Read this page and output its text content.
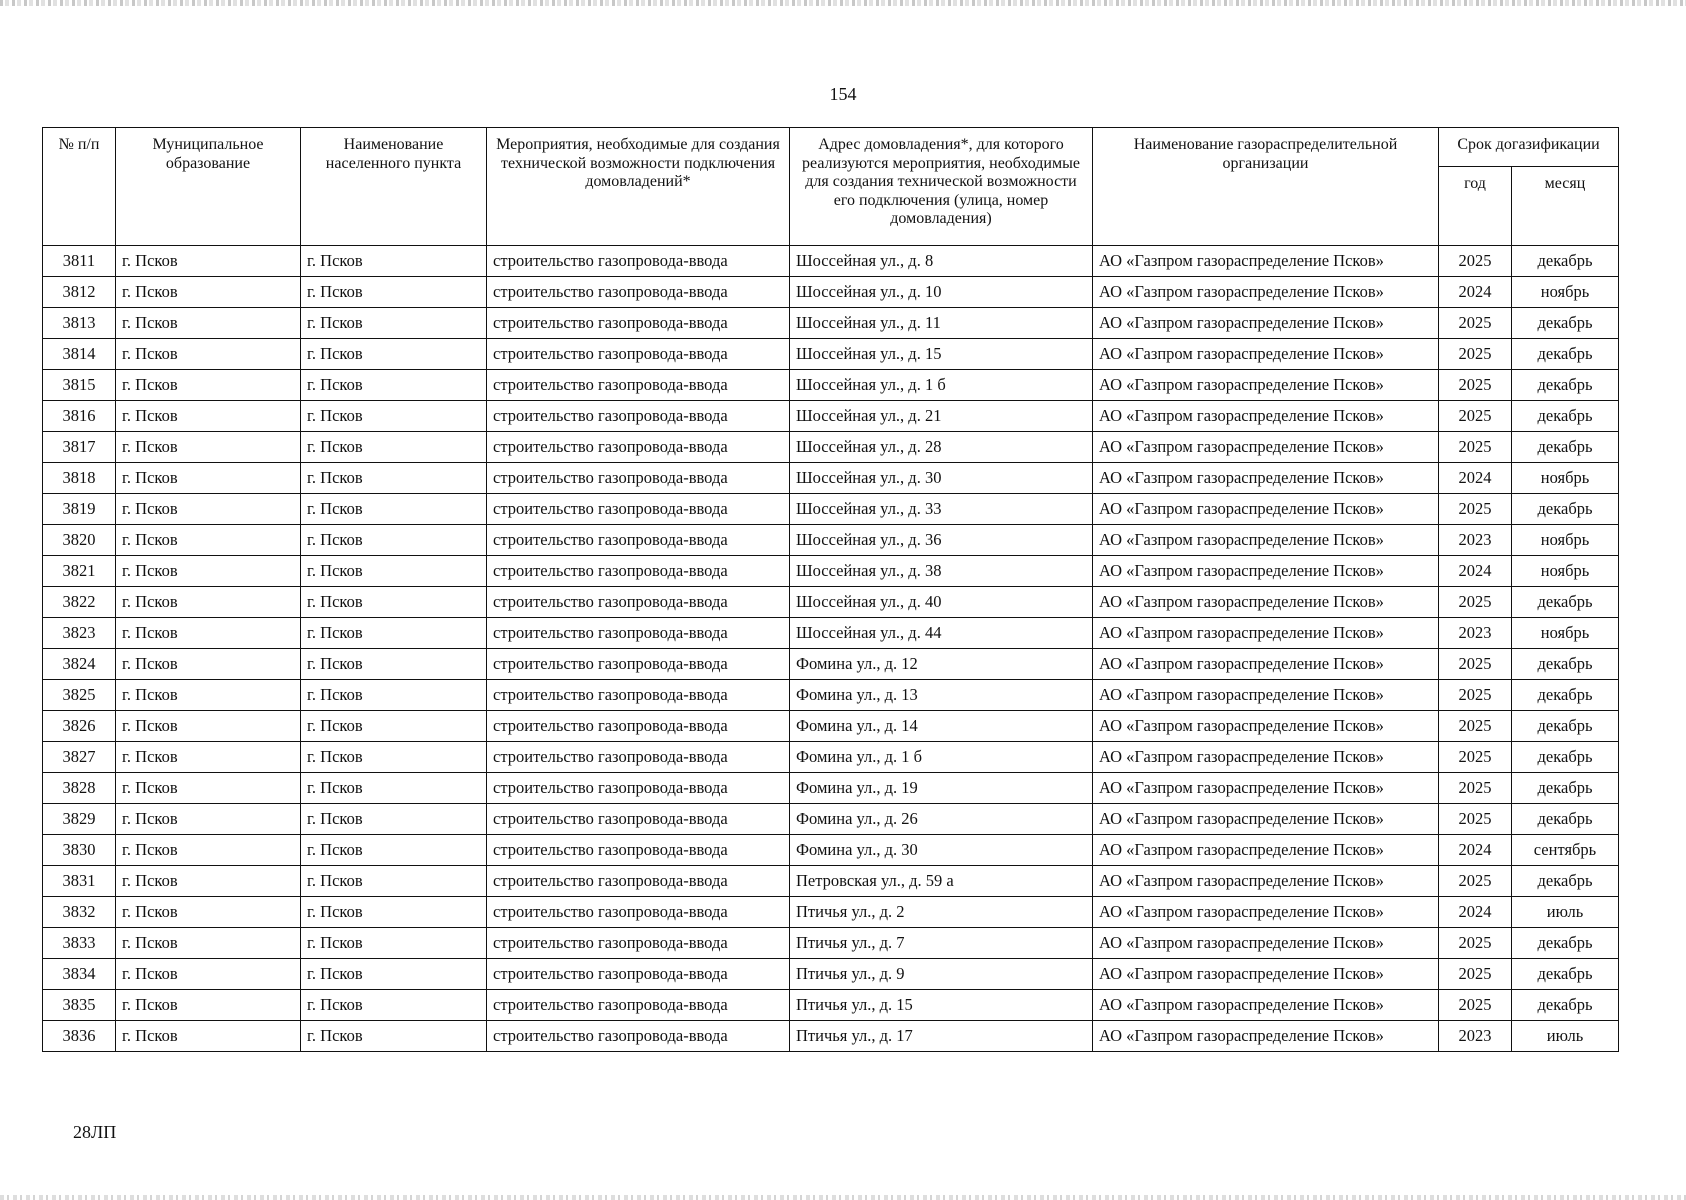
154
№ п/п	Муниципальное образование	Наименование населенного пункта	Мероприятия, необходимые для создания технической возможности подключения домовладений*	Адрес домовладения*, для которого реализуются мероприятия, необходимые для создания технической возможности его подключения (улица, номер домовладения)	Наименование газораспределительной организации	Срок догазификации	
						год	месяц
3811	г. Псков	г. Псков	строительство газопровода-ввода	Шоссейная ул., д. 8	АО «Газпром газораспределение Псков»	2025	декабрь
3812	г. Псков	г. Псков	строительство газопровода-ввода	Шоссейная ул., д. 10	АО «Газпром газораспределение Псков»	2024	ноябрь
3813	г. Псков	г. Псков	строительство газопровода-ввода	Шоссейная ул., д. 11	АО «Газпром газораспределение Псков»	2025	декабрь
3814	г. Псков	г. Псков	строительство газопровода-ввода	Шоссейная ул., д. 15	АО «Газпром газораспределение Псков»	2025	декабрь
3815	г. Псков	г. Псков	строительство газопровода-ввода	Шоссейная ул., д. 1 б	АО «Газпром газораспределение Псков»	2025	декабрь
3816	г. Псков	г. Псков	строительство газопровода-ввода	Шоссейная ул., д. 21	АО «Газпром газораспределение Псков»	2025	декабрь
3817	г. Псков	г. Псков	строительство газопровода-ввода	Шоссейная ул., д. 28	АО «Газпром газораспределение Псков»	2025	декабрь
3818	г. Псков	г. Псков	строительство газопровода-ввода	Шоссейная ул., д. 30	АО «Газпром газораспределение Псков»	2024	ноябрь
3819	г. Псков	г. Псков	строительство газопровода-ввода	Шоссейная ул., д. 33	АО «Газпром газораспределение Псков»	2025	декабрь
3820	г. Псков	г. Псков	строительство газопровода-ввода	Шоссейная ул., д. 36	АО «Газпром газораспределение Псков»	2023	ноябрь
3821	г. Псков	г. Псков	строительство газопровода-ввода	Шоссейная ул., д. 38	АО «Газпром газораспределение Псков»	2024	ноябрь
3822	г. Псков	г. Псков	строительство газопровода-ввода	Шоссейная ул., д. 40	АО «Газпром газораспределение Псков»	2025	декабрь
3823	г. Псков	г. Псков	строительство газопровода-ввода	Шоссейная ул., д. 44	АО «Газпром газораспределение Псков»	2023	ноябрь
3824	г. Псков	г. Псков	строительство газопровода-ввода	Фомина ул., д. 12	АО «Газпром газораспределение Псков»	2025	декабрь
3825	г. Псков	г. Псков	строительство газопровода-ввода	Фомина ул., д. 13	АО «Газпром газораспределение Псков»	2025	декабрь
3826	г. Псков	г. Псков	строительство газопровода-ввода	Фомина ул., д. 14	АО «Газпром газораспределение Псков»	2025	декабрь
3827	г. Псков	г. Псков	строительство газопровода-ввода	Фомина ул., д. 1 б	АО «Газпром газораспределение Псков»	2025	декабрь
3828	г. Псков	г. Псков	строительство газопровода-ввода	Фомина ул., д. 19	АО «Газпром газораспределение Псков»	2025	декабрь
3829	г. Псков	г. Псков	строительство газопровода-ввода	Фомина ул., д. 26	АО «Газпром газораспределение Псков»	2025	декабрь
3830	г. Псков	г. Псков	строительство газопровода-ввода	Фомина ул., д. 30	АО «Газпром газораспределение Псков»	2024	сентябрь
3831	г. Псков	г. Псков	строительство газопровода-ввода	Петровская ул., д. 59 а	АО «Газпром газораспределение Псков»	2025	декабрь
3832	г. Псков	г. Псков	строительство газопровода-ввода	Птичья ул., д. 2	АО «Газпром газораспределение Псков»	2024	июль
3833	г. Псков	г. Псков	строительство газопровода-ввода	Птичья ул., д. 7	АО «Газпром газораспределение Псков»	2025	декабрь
3834	г. Псков	г. Псков	строительство газопровода-ввода	Птичья ул., д. 9	АО «Газпром газораспределение Псков»	2025	декабрь
3835	г. Псков	г. Псков	строительство газопровода-ввода	Птичья ул., д. 15	АО «Газпром газораспределение Псков»	2025	декабрь
3836	г. Псков	г. Псков	строительство газопровода-ввода	Птичья ул., д. 17	АО «Газпром газораспределение Псков»	2023	июль
28ЛП
